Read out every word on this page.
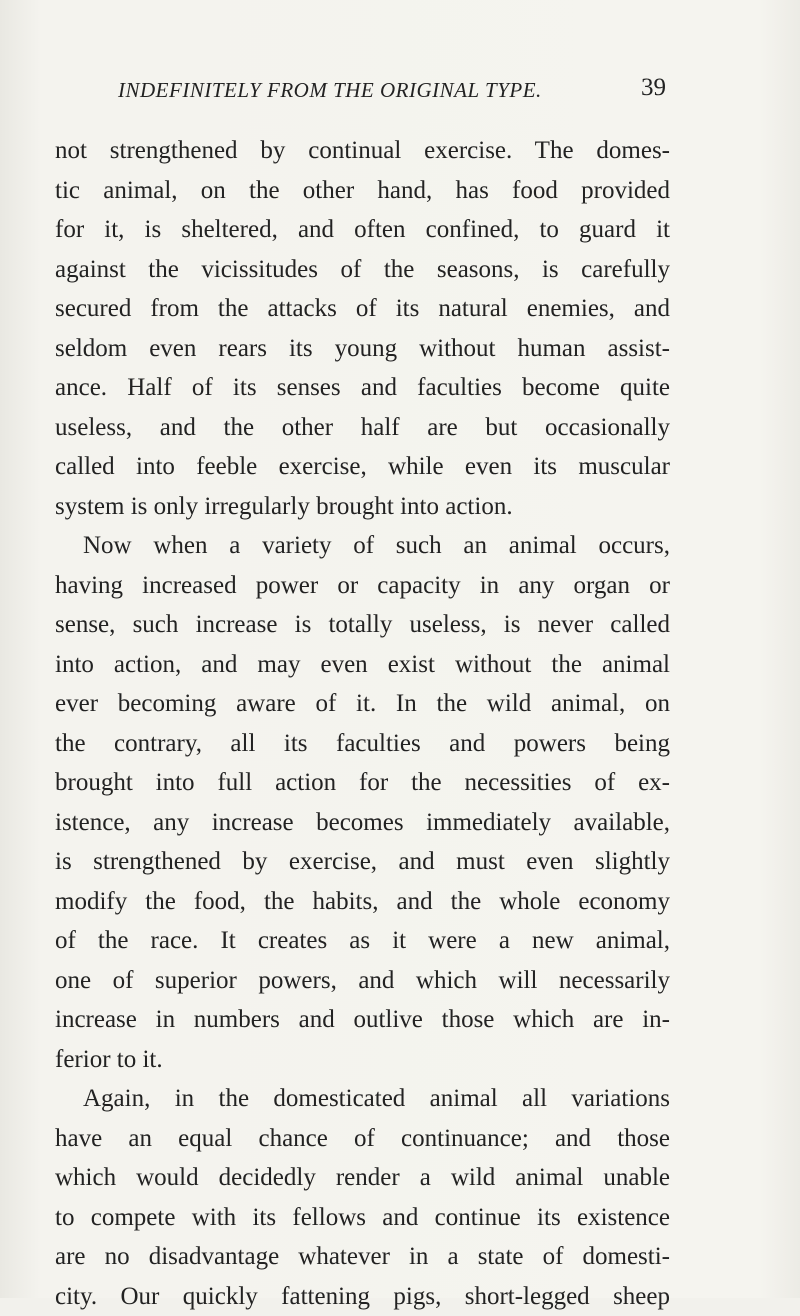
INDEFINITELY FROM THE ORIGINAL TYPE.	39
not strengthened by continual exercise. The domes-
tic animal, on the other hand, has food provided
for it, is sheltered, and often confined, to guard it
against the vicissitudes of the seasons, is carefully
secured from the attacks of its natural enemies, and
seldom even rears its young without human assist-
ance. Half of its senses and faculties become quite
useless, and the other half are but occasionally
called into feeble exercise, while even its muscular
system is only irregularly brought into action.
Now when a variety of such an animal occurs,
having increased power or capacity in any organ or
sense, such increase is totally useless, is never called
into action, and may even exist without the animal
ever becoming aware of it. In the wild animal, on
the contrary, all its faculties and powers being
brought into full action for the necessities of ex-
istence, any increase becomes immediately available,
is strengthened by exercise, and must even slightly
modify the food, the habits, and the whole economy
of the race. It creates as it were a new animal,
one of superior powers, and which will necessarily
increase in numbers and outlive those which are in-
ferior to it.
Again, in the domesticated animal all variations
have an equal chance of continuance; and those
which would decidedly render a wild animal unable
to compete with its fellows and continue its existence
are no disadvantage whatever in a state of domesti-
city. Our quickly fattening pigs, short-legged sheep
